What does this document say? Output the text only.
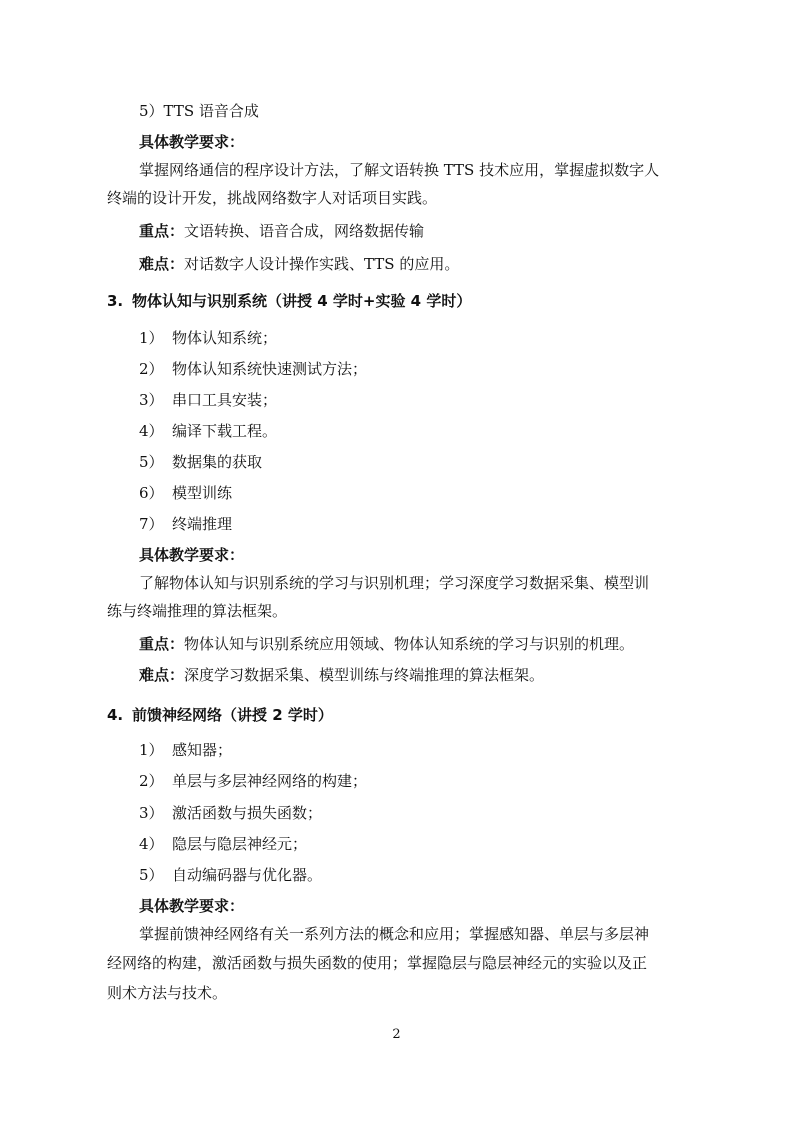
5）TTS 语音合成
具体教学要求：
掌握网络通信的程序设计方法，了解文语转换 TTS 技术应用，掌握虚拟数字人
终端的设计开发，挑战网络数字人对话项目实践。
重点：文语转换、语音合成，网络数据传输
难点：对话数字人设计操作实践、TTS 的应用。
3. 物体认知与识别系统（讲授 4 学时+实验 4 学时）
1） 物体认知系统；
2） 物体认知系统快速测试方法；
3） 串口工具安装；
4） 编译下载工程。
5） 数据集的获取
6） 模型训练
7） 终端推理
具体教学要求：
了解物体认知与识别系统的学习与识别机理；学习深度学习数据采集、模型训
练与终端推理的算法框架。
重点：物体认知与识别系统应用领域、物体认知系统的学习与识别的机理。
难点：深度学习数据采集、模型训练与终端推理的算法框架。
4. 前馈神经网络（讲授 2 学时）
1） 感知器；
2） 单层与多层神经网络的构建；
3） 激活函数与损失函数；
4） 隐层与隐层神经元；
5） 自动编码器与优化器。
具体教学要求：
掌握前馈神经网络有关一系列方法的概念和应用；掌握感知器、单层与多层神
经网络的构建，激活函数与损失函数的使用；掌握隐层与隐层神经元的实验以及正
则术方法与技术。
2
